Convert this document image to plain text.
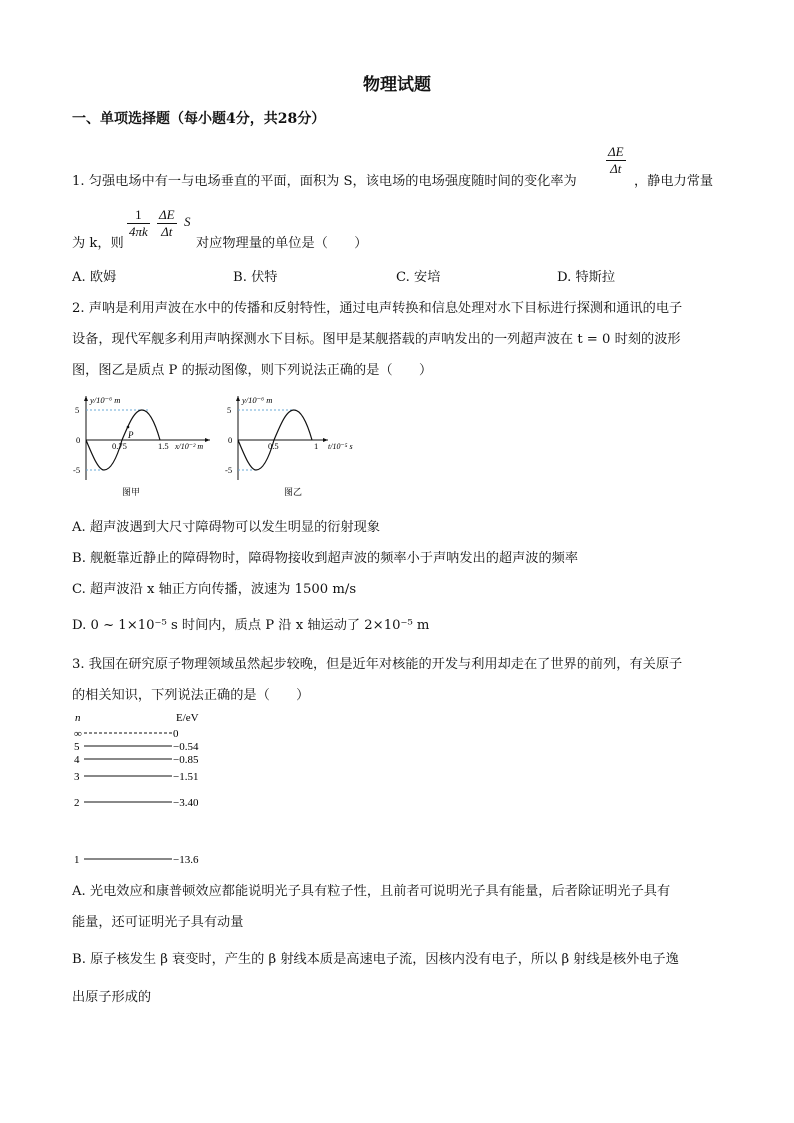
物理试题
一、单项选择题（每小题4分，共28分）
1. 匀强电场中有一与电场垂直的平面，面积为 S，该电场的电场强度随时间的变化率为
$\frac{\Delta E}{\Delta t}$
，静电力常量
为 k，则
$\frac{1}{4\pi k} \frac{\Delta E}{\Delta t}$ S
对应物理量的单位是（　　）
A. 欧姆	B. 伏特	C. 安培	D. 特斯拉
2. 声呐是利用声波在水中的传播和反射特性，通过电声转换和信息处理对水下目标进行探测和通讯的电子
设备，现代军舰多利用声呐探测水下目标。图甲是某舰搭载的声呐发出的一列超声波在 t = 0 时刻的波形
图，图乙是质点 P 的振动图像，则下列说法正确的是（　　）
P
y/10⁻⁶ m
5
0
-5
0.75	1.5 x/10⁻² m
图甲
y/10⁻⁶ m
5
0
-5
0.5	1 t/10⁻⁵ s
图乙
A. 超声波遇到大尺寸障碍物可以发生明显的衍射现象
B. 舰艇靠近静止的障碍物时，障碍物接收到超声波的频率小于声呐发出的超声波的频率
C. 超声波沿 x 轴正方向传播，波速为 1500 m/s
D. 0 ~ 1×10⁻⁵ s 时间内，质点 P 沿 x 轴运动了 2×10⁻⁵ m
3. 我国在研究原子物理领域虽然起步较晚，但是近年对核能的开发与利用却走在了世界的前列，有关原子
的相关知识，下列说法正确的是（　　）
n	E/eV
∞	0
5	−0.54
4	−0.85
3	−1.51
2	−3.40
1	−13.6
A. 光电效应和康普顿效应都能说明光子具有粒子性，且前者可说明光子具有能量，后者除证明光子具有
能量，还可证明光子具有动量
B. 原子核发生 β 衰变时，产生的 β 射线本质是高速电子流，因核内没有电子，所以 β 射线是核外电子逸
出原子形成的
